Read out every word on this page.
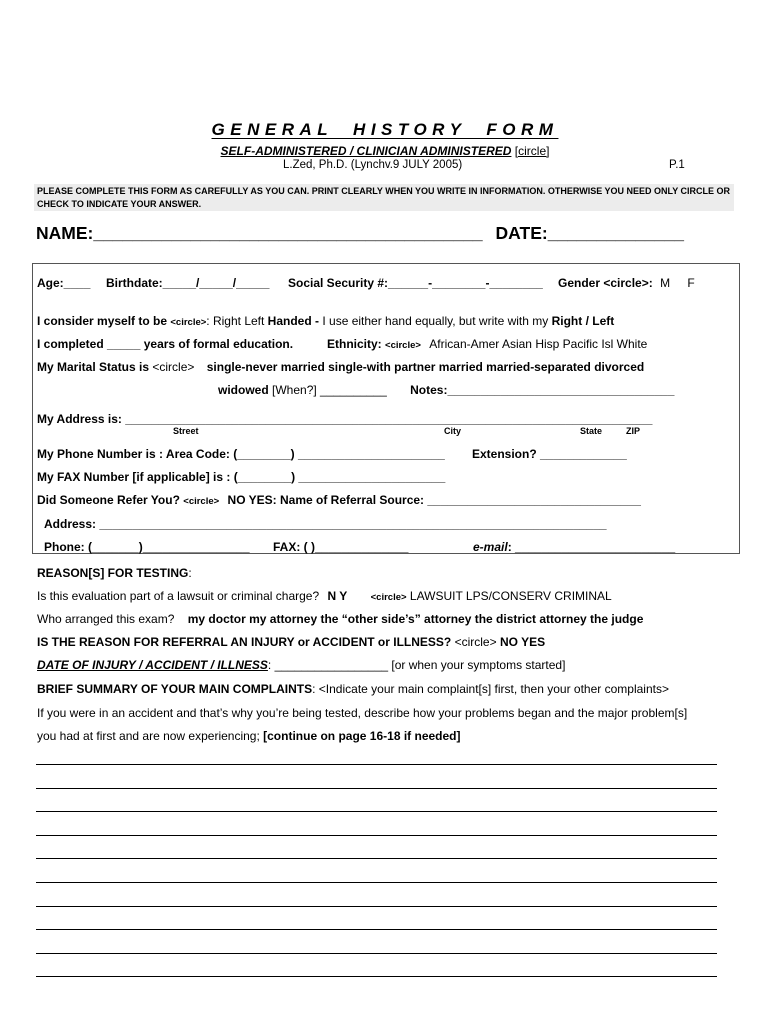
GENERAL HISTORY FORM
SELF-ADMINISTERED / CLINICIAN ADMINISTERED [circle]
L.Zed, Ph.D. (Lynchv.9 JULY 2005)	P.1
PLEASE COMPLETE THIS FORM AS CAREFULLY AS YOU CAN. PRINT CLEARLY WHEN YOU WRITE IN INFORMATION. OTHERWISE YOU NEED ONLY CIRCLE OR CHECK TO INDICATE YOUR ANSWER.
NAME:________________________________________ DATE:______________
Age:____ Birthdate:_____/_____/_____ Social Security #:______-________-________ Gender <circle>: M F
I consider myself to be <circle>: Right Left Handed - I use either hand equally, but write with my Right / Left
I completed _____ years of formal education.	Ethnicity: <circle> African-Amer Asian Hisp Pacific Isl White
My Marital Status is <circle> single-never married single-with partner married married-separated divorced
widowed [When?] __________ Notes:__________________________________
My Address is: _______________________________________________________________________________
Street	City	State	ZIP
My Phone Number is : Area Code: (________) ______________________ Extension? _____________
My FAX Number [if applicable] is : (________) ______________________
Did Someone Refer You? <circle> NO YES: Name of Referral Source: ________________________________
Address: ____________________________________________________________________________
Phone: (_______)________________ FAX: ( )______________	e-mail: ________________________
REASON[S] FOR TESTING:
Is this evaluation part of a lawsuit or criminal charge? N Y <circle> LAWSUIT LPS/CONSERV CRIMINAL
Who arranged this exam? my doctor my attorney the “other side’s” attorney the district attorney the judge
IS THE REASON FOR REFERRAL AN INJURY or ACCIDENT or ILLNESS? <circle> NO YES
DATE OF INJURY / ACCIDENT / ILLNESS: _________________ [or when your symptoms started]
BRIEF SUMMARY OF YOUR MAIN COMPLAINTS: <Indicate your main complaint[s] first, then your other complaints>
If you were in an accident and that’s why you’re being tested, describe how your problems began and the major problem[s]
you had at first and are now experiencing; [continue on page 16-18 if needed]
